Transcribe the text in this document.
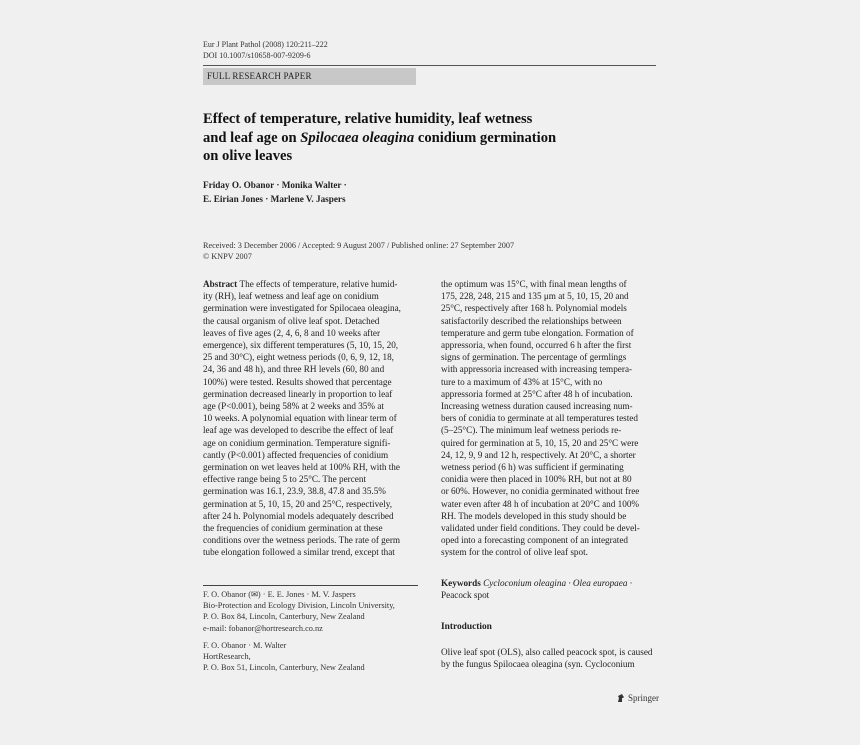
Eur J Plant Pathol (2008) 120:211–222
DOI 10.1007/s10658-007-9209-6
FULL RESEARCH PAPER
Effect of temperature, relative humidity, leaf wetness
and leaf age on Spilocaea oleagina conidium germination
on olive leaves
Friday O. Obanor · Monika Walter ·
E. Eirian Jones · Marlene V. Jaspers
Received: 3 December 2006 / Accepted: 9 August 2007 / Published online: 27 September 2007
© KNPV 2007
Abstract The effects of temperature, relative humid-
ity (RH), leaf wetness and leaf age on conidium
germination were investigated for Spilocaea oleagina,
the causal organism of olive leaf spot. Detached
leaves of five ages (2, 4, 6, 8 and 10 weeks after
emergence), six different temperatures (5, 10, 15, 20,
25 and 30°C), eight wetness periods (0, 6, 9, 12, 18,
24, 36 and 48 h), and three RH levels (60, 80 and
100%) were tested. Results showed that percentage
germination decreased linearly in proportion to leaf
age (P<0.001), being 58% at 2 weeks and 35% at
10 weeks. A polynomial equation with linear term of
leaf age was developed to describe the effect of leaf
age on conidium germination. Temperature signifi-
cantly (P<0.001) affected frequencies of conidium
germination on wet leaves held at 100% RH, with the
effective range being 5 to 25°C. The percent
germination was 16.1, 23.9, 38.8, 47.8 and 35.5%
germination at 5, 10, 15, 20 and 25°C, respectively,
after 24 h. Polynomial models adequately described
the frequencies of conidium germination at these
conditions over the wetness periods. The rate of germ
tube elongation followed a similar trend, except that
the optimum was 15°C, with final mean lengths of
175, 228, 248, 215 and 135 μm at 5, 10, 15, 20 and
25°C, respectively after 168 h. Polynomial models
satisfactorily described the relationships between
temperature and germ tube elongation. Formation of
appressoria, when found, occurred 6 h after the first
signs of germination. The percentage of germlings
with appressoria increased with increasing tempera-
ture to a maximum of 43% at 15°C, with no
appressoria formed at 25°C after 48 h of incubation.
Increasing wetness duration caused increasing num-
bers of conidia to germinate at all temperatures tested
(5–25°C). The minimum leaf wetness periods re-
quired for germination at 5, 10, 15, 20 and 25°C were
24, 12, 9, 9 and 12 h, respectively. At 20°C, a shorter
wetness period (6 h) was sufficient if germinating
conidia were then placed in 100% RH, but not at 80
or 60%. However, no conidia germinated without free
water even after 48 h of incubation at 20°C and 100%
RH. The models developed in this study should be
validated under field conditions. They could be devel-
oped into a forecasting component of an integrated
system for the control of olive leaf spot.
F. O. Obanor (✉) · E. E. Jones · M. V. Jaspers
Bio-Protection and Ecology Division, Lincoln University,
P. O. Box 84, Lincoln, Canterbury, New Zealand
e-mail: fobanor@hortresearch.co.nz
F. O. Obanor · M. Walter
HortResearch,
P. O. Box 51, Lincoln, Canterbury, New Zealand
Keywords Cycloconium oleagina · Olea europaea ·
Peacock spot
Introduction
Olive leaf spot (OLS), also called peacock spot, is caused
by the fungus Spilocaea oleagina (syn. Cycloconium
Springer
